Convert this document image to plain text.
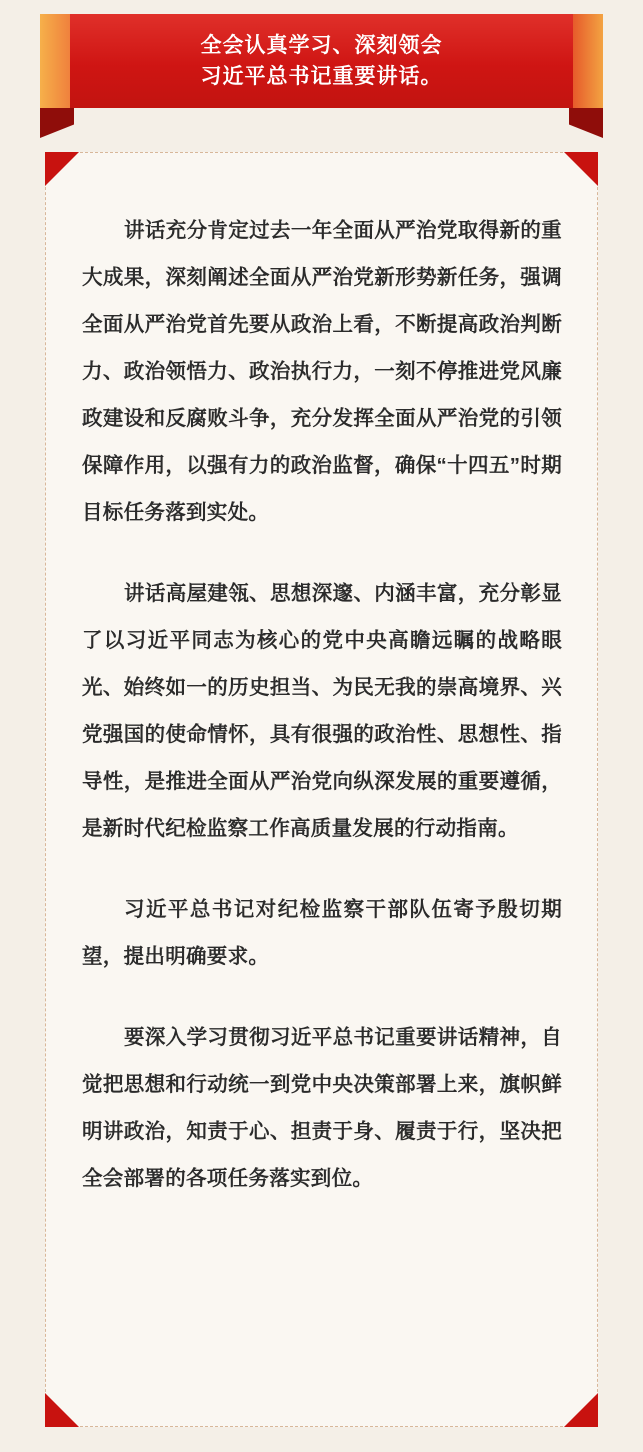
全会认真学习、深刻领会
习近平总书记重要讲话。

讲话充分肯定过去一年全面从严治党取得新的重大成果，深刻阐述全面从严治党新形势新任务，强调全面从严治党首先要从政治上看，不断提高政治判断力、政治领悟力、政治执行力，一刻不停推进党风廉政建设和反腐败斗争，充分发挥全面从严治党的引领保障作用，以强有力的政治监督，确保“十四五”时期目标任务落到实处。

讲话高屋建瓴、思想深邃、内涵丰富，充分彰显了以习近平同志为核心的党中央高瞻远瞩的战略眼光、始终如一的历史担当、为民无我的崇高境界、兴党强国的使命情怀，具有很强的政治性、思想性、指导性，是推进全面从严治党向纵深发展的重要遵循，是新时代纪检监察工作高质量发展的行动指南。

习近平总书记对纪检监察干部队伍寄予殷切期望，提出明确要求。

要深入学习贯彻习近平总书记重要讲话精神，自觉把思想和行动统一到党中央决策部署上来，旗帜鲜明讲政治，知责于心、担责于身、履责于行，坚决把全会部署的各项任务落实到位。
